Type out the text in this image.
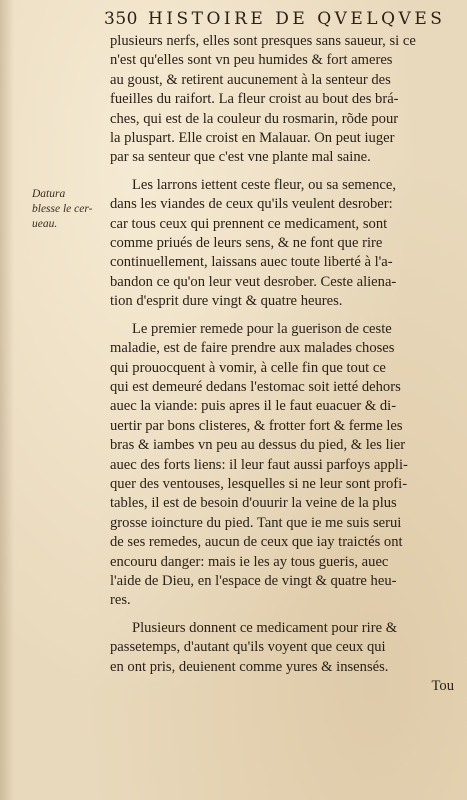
350 HISTOIRE DE QVELQVES
Datura
blesse le cer-
ueau.
plusieurs nerfs, elles sont presques sans saueur, si ce
n'est qu'elles sont vn peu humides & fort ameres
au goust, & retirent aucunement à la senteur des
fueilles du raifort. La fleur croist au bout des brá-
ches, qui est de la couleur du rosmarin, rõde pour
la pluspart. Elle croist en Malauar. On peut iuger
par sa senteur que c'est vne plante mal saine.
Les larrons iettent ceste fleur, ou sa semence,
dans les viandes de ceux qu'ils veulent desrober:
car tous ceux qui prennent ce medicament, sont
comme priués de leurs sens, & ne font que rire
continuellement, laissans auec toute liberté à l'a-
bandon ce qu'on leur veut desrober. Ceste aliena-
tion d'esprit dure vingt & quatre heures.
Le premier remede pour la guerison de ceste
maladie, est de faire prendre aux malades choses
qui prouocquent à vomir, à celle fin que tout ce
qui est demeuré dedans l'estomac soit ietté dehors
auec la viande: puis apres il le faut euacuer & di-
uertir par bons clisteres, & frotter fort & ferme les
bras & iambes vn peu au dessus du pied, & les lier
auec des forts liens: il leur faut aussi parfoys appli-
quer des ventouses, lesquelles si ne leur sont profi-
tables, il est de besoin d'ouurir la veine de la plus
grosse ioincture du pied. Tant que ie me suis serui
de ses remedes, aucun de ceux que iay traictés ont
encouru danger: mais ie les ay tous gueris, auec
l'aide de Dieu, en l'espace de vingt & quatre heu-
res.
Plusieurs donnent ce medicament pour rire &
passetemps, d'autant qu'ils voyent que ceux qui
en ont pris, deuienent comme yures & insensés.
Tou
